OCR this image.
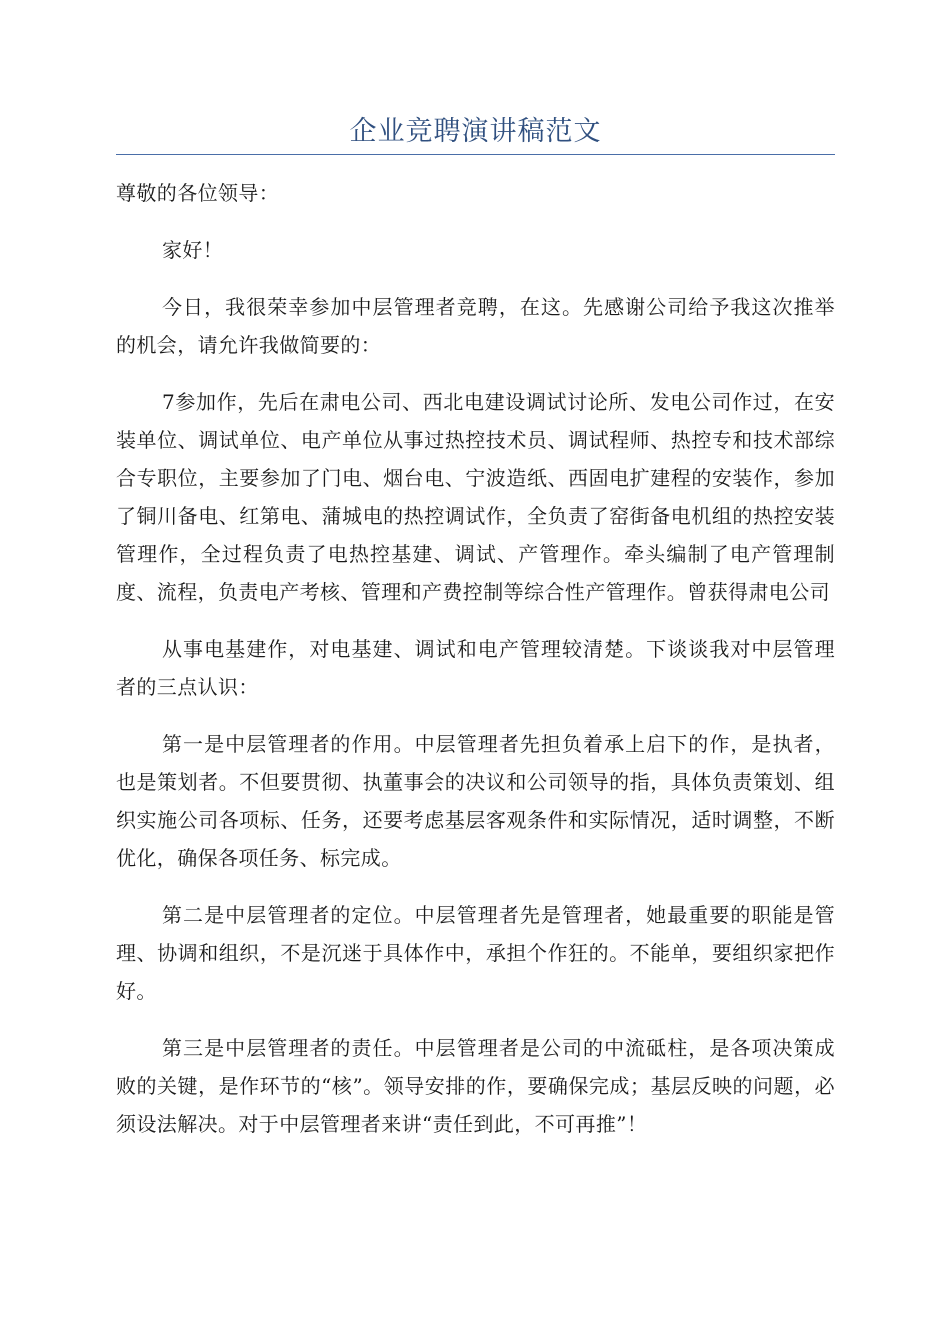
企业竞聘演讲稿范文

尊敬的各位领导：

家好！

今日，我很荣幸参加中层管理者竞聘，在这。先感谢公司给予我这次推举的机会，请允许我做简要的：

7参加作，先后在肃电公司、西北电建设调试讨论所、发电公司作过，在安装单位、调试单位、电产单位从事过热控技术员、调试程师、热控专和技术部综合专职位，主要参加了门电、烟台电、宁波造纸、西固电扩建程的安装作，参加了铜川备电、红第电、蒲城电的热控调试作，全负责了窑街备电机组的热控安装管理作，全过程负责了电热控基建、调试、产管理作。牵头编制了电产管理制度、流程，负责电产考核、管理和产费控制等综合性产管理作。曾获得肃电公司

从事电基建作，对电基建、调试和电产管理较清楚。下谈谈我对中层管理者的三点认识：

第一是中层管理者的作用。中层管理者先担负着承上启下的作，是执者，也是策划者。不但要贯彻、执董事会的决议和公司领导的指，具体负责策划、组织实施公司各项标、任务，还要考虑基层客观条件和实际情况，适时调整，不断优化，确保各项任务、标完成。

第二是中层管理者的定位。中层管理者先是管理者，她最重要的职能是管理、协调和组织，不是沉迷于具体作中，承担个作狂的。不能单，要组织家把作好。

第三是中层管理者的责任。中层管理者是公司的中流砥柱，是各项决策成败的关键，是作环节的“核”。领导安排的作，要确保完成；基层反映的问题，必须设法解决。对于中层管理者来讲“责任到此，不可再推”！
